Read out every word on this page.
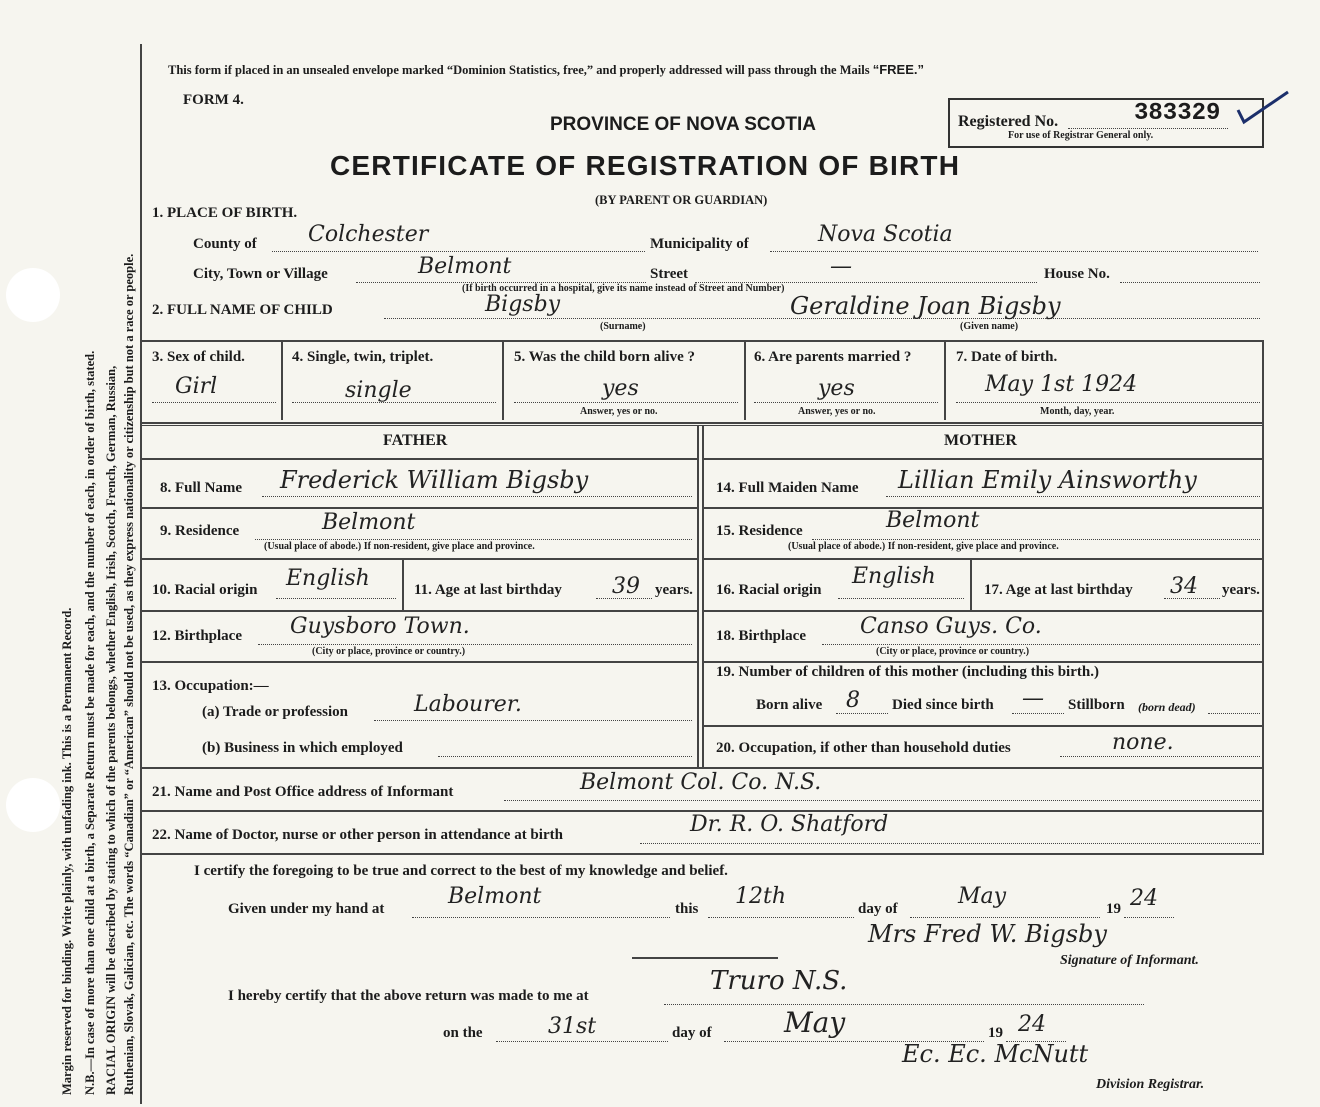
Margin reserved for binding. Write plainly, with unfading ink. This is a Permanent Record. N.B.—In case of more than one child at a birth, a Separate Return must be made for each, and the number of each, in order of birth, stated. RACIAL ORIGIN will be described by stating to which of the parents belongs, whether English, Irish, Scotch, French, German, Russian, Ruthenian, Slovak, Galician, etc. The words “Canadian” or “American” should not be used, as they express nationality or citizenship but not a race or people.
This form if placed in an unsealed envelope marked “Dominion Statistics, free,” and properly addressed will pass through the Mails “FREE.”
FORM 4.
PROVINCE OF NOVA SCOTIA	Registered No.	383329
For use of Registrar General only.
CERTIFICATE OF REGISTRATION OF BIRTH
(BY PARENT OR GUARDIAN)
1. PLACE OF BIRTH.
County of Colchester	Municipality of	Nova Scotia
City, Town or Village	Belmont	Street	—	House No.
(If birth occurred in a hospital, give its name instead of Street and Number)
2. FULL NAME OF CHILD	Bigsby
(Surname)
Geraldine Joan Bigsby
(Given name)
3. Sex of child.
Girl
4. Single, twin, triplet.
single
5. Was the child born alive ?
yes
Answer, yes or no.
6. Are parents married ?
yes
Answer, yes or no.
7. Date of birth.
May 1st 1924
Month, day, year.
FATHER	MOTHER
8. Full Name Frederick William Bigsby
9. Residence	Belmont
(Usual place of abode.) If non-resident, give place and province.
10. Racial origin English	11. Age at last birthday 39 years.
12. Birthplace Guysboro Town.
(City or place, province or country.)
13. Occupation:—
(a) Trade or profession	Labourer.
(b) Business in which employed
14. Full Maiden Name Lillian Emily Ainsworthy
15. Residence	Belmont
(Usual place of abode.) If non-resident, give place and province.
16. Racial origin
English
17. Age at last birthday 34 years.
18. Birthplace Canso Guys. Co.
(City or place, province or country.)
19. Number of children of this mother (including this birth.)
Born alive 8 Died since birth — Stillborn (born dead)
20. Occupation, if other than household duties	none.
21. Name and Post Office address of Informant	Belmont Col. Co. N.S.
22. Name of Doctor, nurse or other person in attendance at birth	Dr. R. O. Shatford
I certify the foregoing to be true and correct to the best of my knowledge and belief.
Given under my hand at	Belmont	this 12th	day of	May	19 24
Mrs Fred W. Bigsby
Signature of Informant.
I hereby certify that the above return was made to me at	Truro N.S.
on the	31st	day of	May	19 24
Ec. Ec. McNutt
Division Registrar.
